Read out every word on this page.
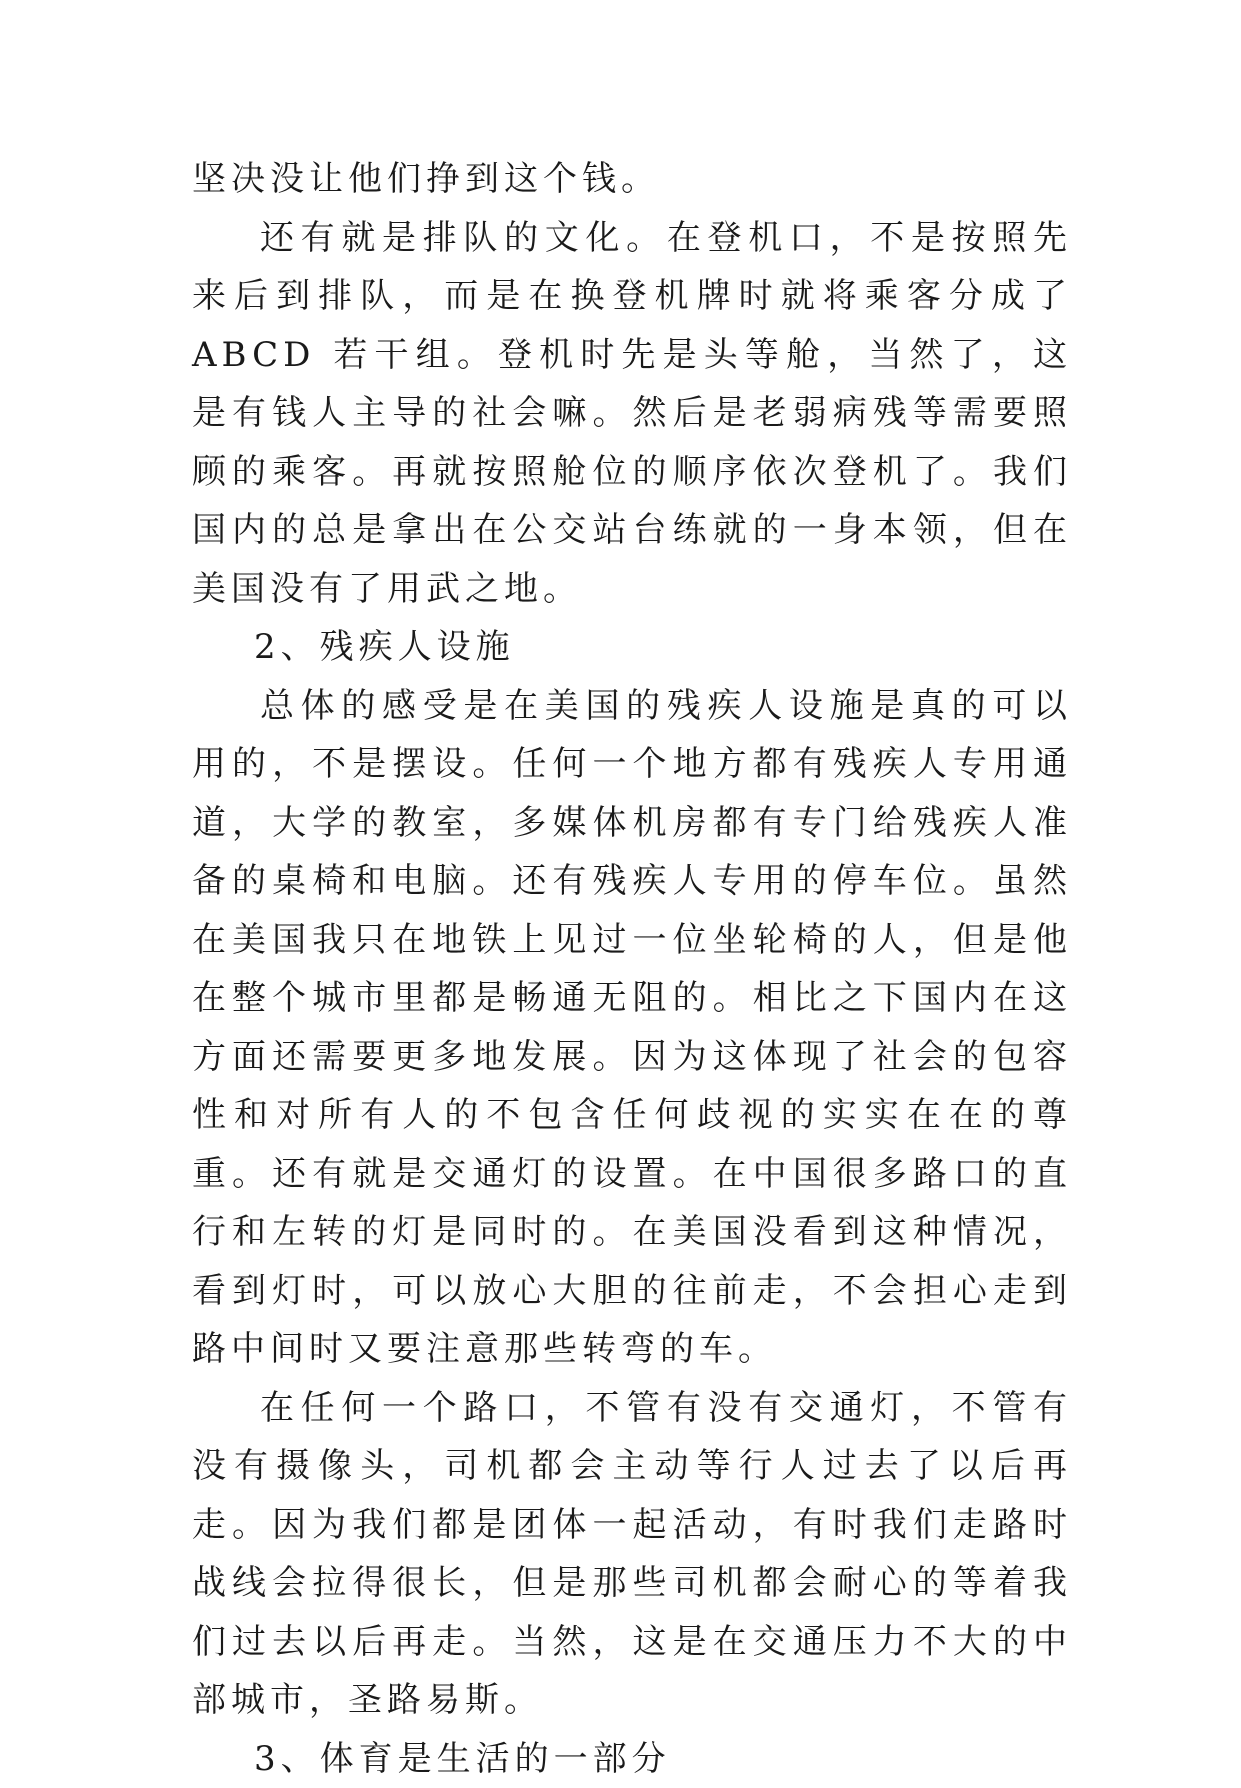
坚决没让他们挣到这个钱。

还有就是排队的文化。在登机口，不是按照先来后到排队，而是在换登机牌时就将乘客分成了 ABCD 若干组。登机时先是头等舱，当然了，这是有钱人主导的社会嘛。然后是老弱病残等需要照顾的乘客。再就按照舱位的顺序依次登机了。我们国内的总是拿出在公交站台练就的一身本领，但在美国没有了用武之地。

2、残疾人设施

总体的感受是在美国的残疾人设施是真的可以用的，不是摆设。任何一个地方都有残疾人专用通道，大学的教室，多媒体机房都有专门给残疾人准备的桌椅和电脑。还有残疾人专用的停车位。虽然在美国我只在地铁上见过一位坐轮椅的人，但是他在整个城市里都是畅通无阻的。相比之下国内在这方面还需要更多地发展。因为这体现了社会的包容性和对所有人的不包含任何歧视的实实在在的尊重。还有就是交通灯的设置。在中国很多路口的直行和左转的灯是同时的。在美国没看到这种情况，看到灯时，可以放心大胆的往前走，不会担心走到路中间时又要注意那些转弯的车。

在任何一个路口，不管有没有交通灯，不管有没有摄像头，司机都会主动等行人过去了以后再走。因为我们都是团体一起活动，有时我们走路时战线会拉得很长，但是那些司机都会耐心的等着我们过去以后再走。当然，这是在交通压力不大的中部城市，圣路易斯。

3、体育是生活的一部分
